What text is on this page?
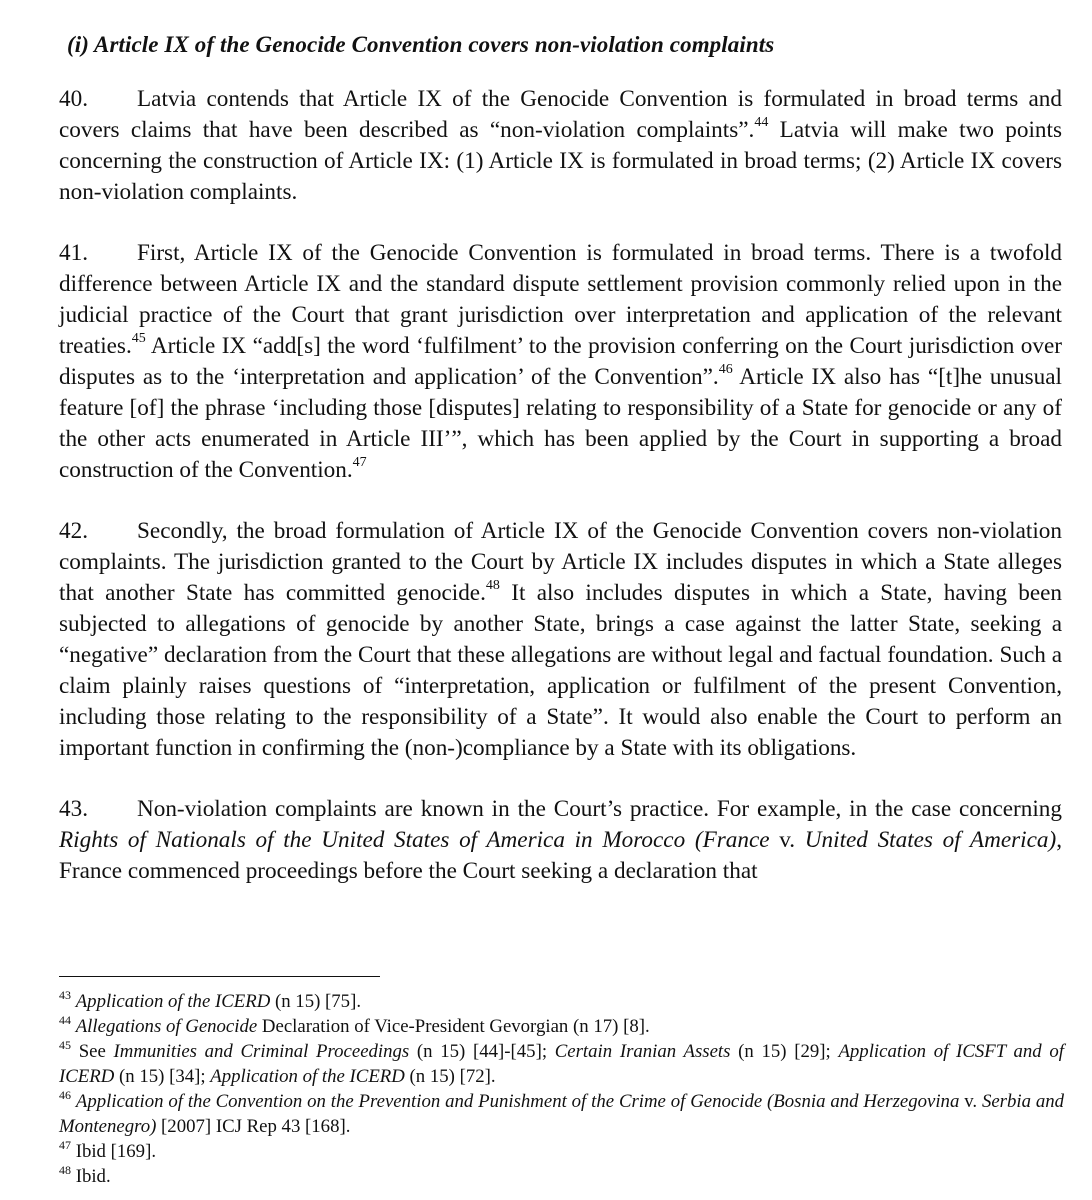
(i) Article IX of the Genocide Convention covers non-violation complaints

40. Latvia contends that Article IX of the Genocide Convention is formulated in broad terms and covers claims that have been described as “non-violation complaints”.$^{44}$ Latvia will make two points concerning the construction of Article IX: (1) Article IX is formulated in broad terms; (2) Article IX covers non-violation complaints.

41. First, Article IX of the Genocide Convention is formulated in broad terms. There is a twofold difference between Article IX and the standard dispute settlement provision commonly relied upon in the judicial practice of the Court that grant jurisdiction over interpretation and application of the relevant treaties.$^{45}$ Article IX “add[s] the word ‘fulfilment’ to the provision conferring on the Court jurisdiction over disputes as to the ‘interpretation and application’ of the Convention”.$^{46}$ Article IX also has “[t]he unusual feature [of] the phrase ‘including those [disputes] relating to responsibility of a State for genocide or any of the other acts enumerated in Article III’”, which has been applied by the Court in supporting a broad construction of the Convention.$^{47}$

42. Secondly, the broad formulation of Article IX of the Genocide Convention covers non-violation complaints. The jurisdiction granted to the Court by Article IX includes disputes in which a State alleges that another State has committed genocide.$^{48}$ It also includes disputes in which a State, having been subjected to allegations of genocide by another State, brings a case against the latter State, seeking a “negative” declaration from the Court that these allegations are without legal and factual foundation. Such a claim plainly raises questions of “interpretation, application or fulfilment of the present Convention, including those relating to the responsibility of a State”. It would also enable the Court to perform an important function in confirming the (non-)compliance by a State with its obligations.

43. Non-violation complaints are known in the Court’s practice. For example, in the case concerning Rights of Nationals of the United States of America in Morocco (France v. United States of America), France commenced proceedings before the Court seeking a declaration that

$^{43}$ Application of the ICERD (n 15) [75].

$^{44}$ Allegations of Genocide Declaration of Vice-President Gevorgian (n 17) [8].

$^{45}$ See Immunities and Criminal Proceedings (n 15) [44]-[45]; Certain Iranian Assets (n 15) [29]; Application of ICSFT and of ICERD (n 15) [34]; Application of the ICERD (n 15) [72].

$^{46}$ Application of the Convention on the Prevention and Punishment of the Crime of Genocide (Bosnia and Herzegovina v. Serbia and Montenegro) [2007] ICJ Rep 43 [168].

$^{47}$ Ibid [169].

$^{48}$ Ibid.
